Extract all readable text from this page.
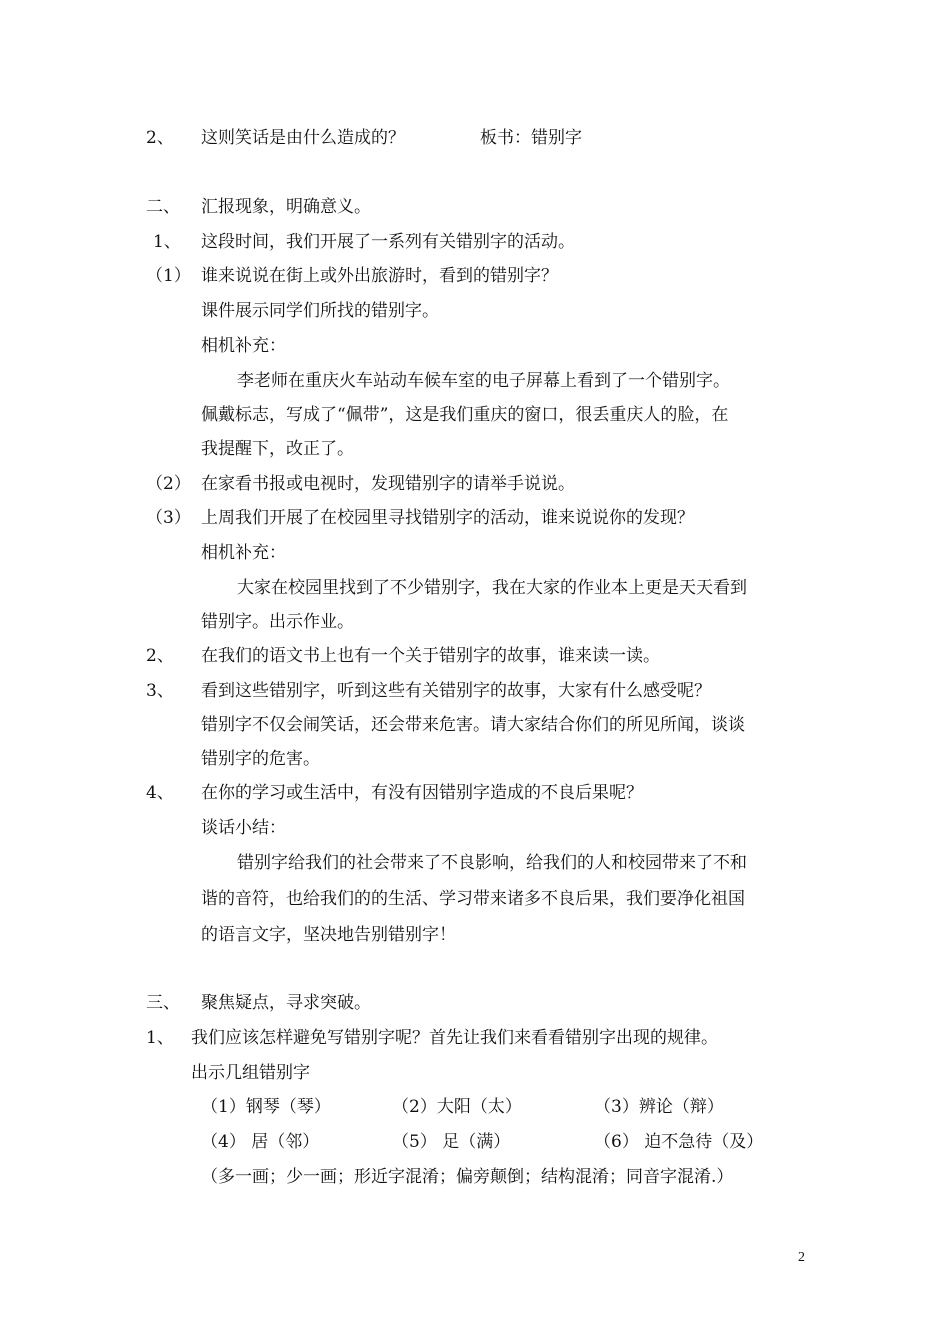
2、 这则笑话是由什么造成的？	板书：错别字
二、 汇报现象，明确意义。
1、 这段时间，我们开展了一系列有关错别字的活动。
（1） 谁来说说在街上或外出旅游时，看到的错别字？
课件展示同学们所找的错别字。
相机补充：
李老师在重庆火车站动车候车室的电子屏幕上看到了一个错别字。
佩戴标志，写成了“佩带”，这是我们重庆的窗口，很丢重庆人的脸，在
我提醒下，改正了。
（2） 在家看书报或电视时，发现错别字的请举手说说。
（3） 上周我们开展了在校园里寻找错别字的活动，谁来说说你的发现？
相机补充：
大家在校园里找到了不少错别字，我在大家的作业本上更是天天看到
错别字。出示作业。
2、 在我们的语文书上也有一个关于错别字的故事，谁来读一读。
3、 看到这些错别字，听到这些有关错别字的故事，大家有什么感受呢？
错别字不仅会闹笑话，还会带来危害。请大家结合你们的所见所闻，谈谈
错别字的危害。
4、 在你的学习或生活中，有没有因错别字造成的不良后果呢？
谈话小结：
错别字给我们的社会带来了不良影响，给我们的人和校园带来了不和
谐的音符，也给我们的的生活、学习带来诸多不良后果，我们要净化祖国
的语言文字，坚决地告别错别字！
三、 聚焦疑点，寻求突破。
1、 我们应该怎样避免写错别字呢？首先让我们来看看错别字出现的规律。
出示几组错别字
（1）钢琴（琴）	（2）大阳（太）	（3）辨论（辩）
（4） 居（邻）	（5） 足（满）	（6） 迫不急待（及）
（多一画；少一画；形近字混淆；偏旁颠倒；结构混淆；同音字混淆.）
2
